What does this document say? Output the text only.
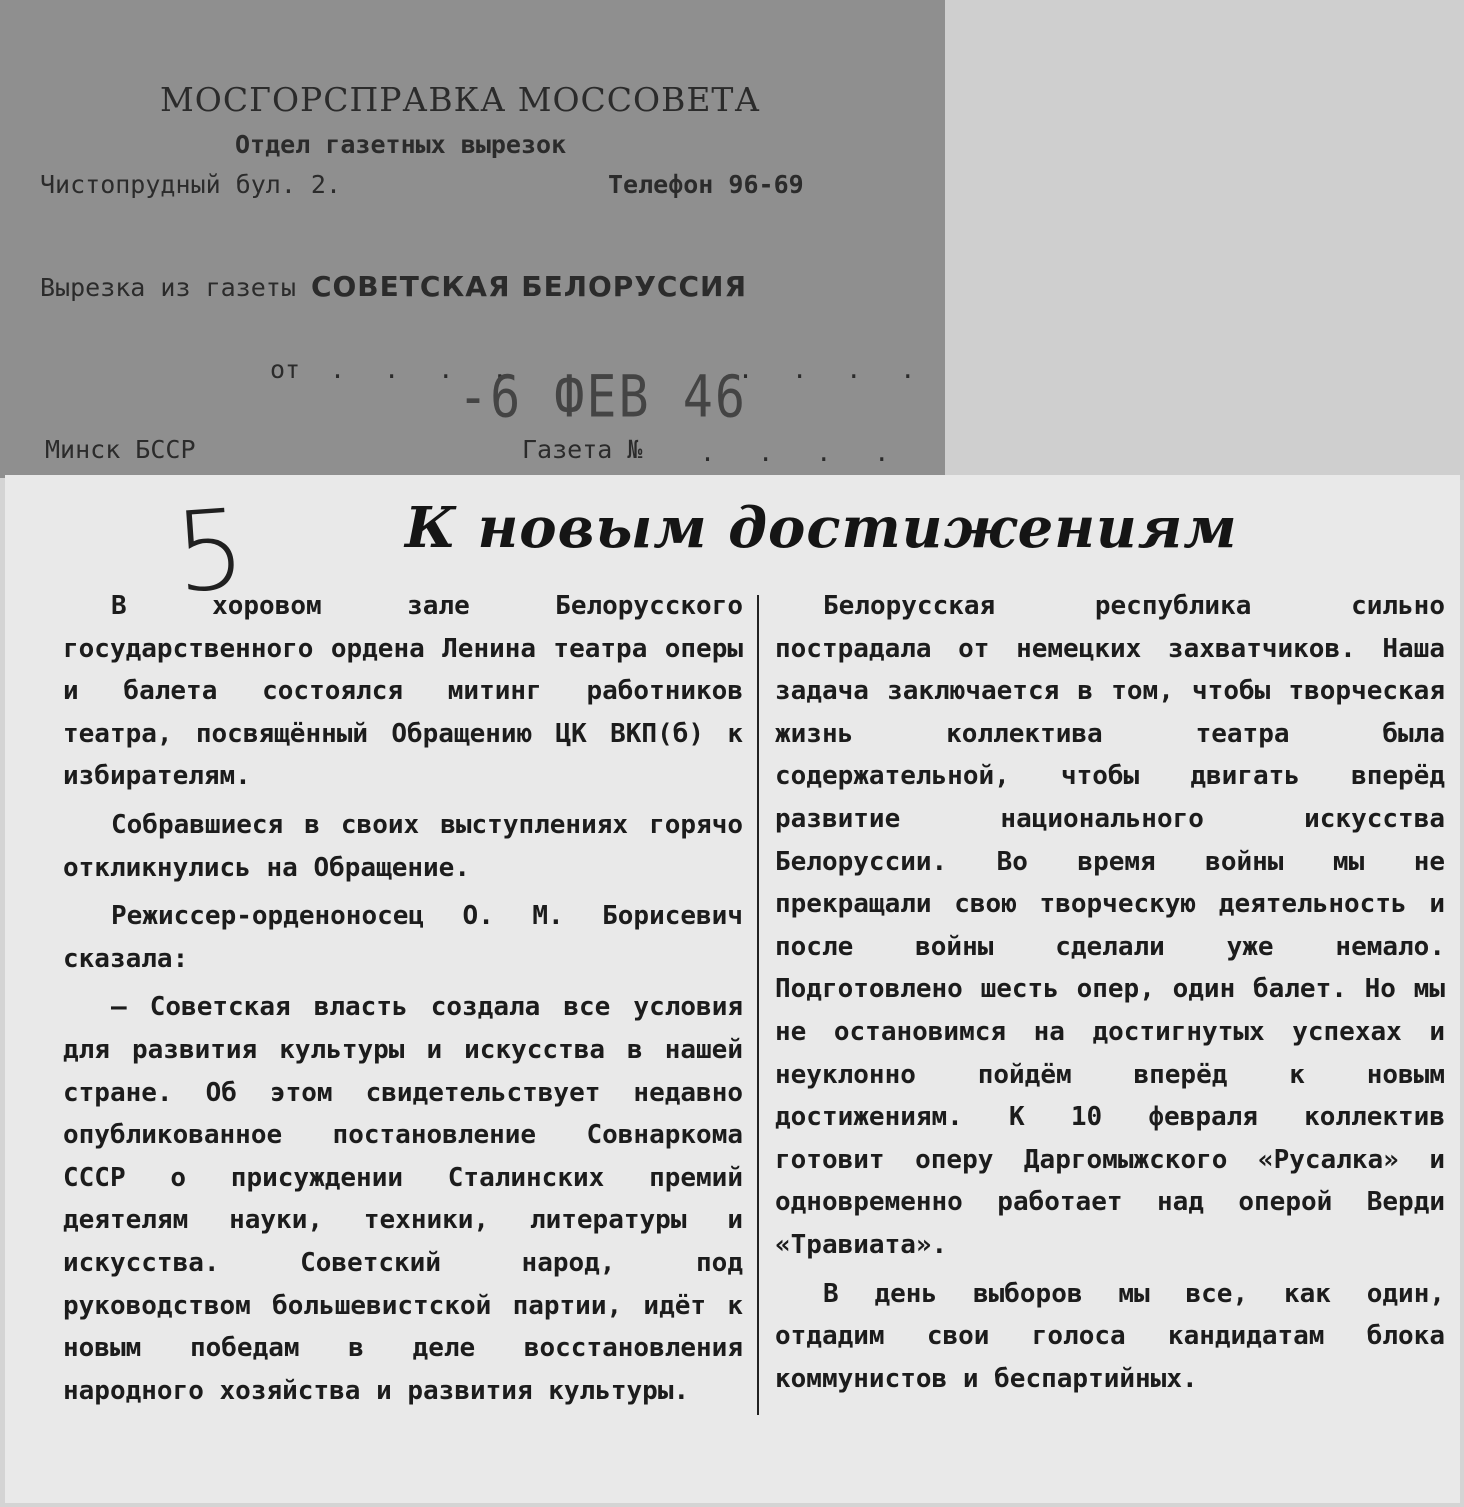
МОСГОРСПРАВКА МОССОВЕТА
Отдел газетных вырезок
Чистопрудный бул. 2.	Телефон 96-69
Вырезка из газеты СОВЕТСКАЯ БЕЛОРУССИЯ
от . . . .
-6 ФЕВ 46
. . . .
Минск БССР	Газета № . . . .
5	К новым достижениям

В хоровом зале Белорусского государственного ордена Ленина театра оперы и балета состоялся митинг работников театра, посвящённый Обращению ЦК ВКП(б) к избирателям.

Собравшиеся в своих выступлениях горячо откликнулись на Обращение.

Режиссер-орденоносец О. М. Борисевич сказала:

— Советская власть создала все условия для развития культуры и искусства в нашей стране. Об этом свидетельствует недавно опубликованное постановление Совнаркома СССР о присуждении Сталинских премий деятелям науки, техники, литературы и искусства. Советский народ, под руководством большевистской партии, идёт к новым победам в деле восстановления народного хозяйства и развития культуры.

Белорусская республика сильно пострадала от немецких захватчиков. Наша задача заключается в том, чтобы творческая жизнь коллектива театра была содержательной, чтобы двигать вперёд развитие национального искусства Белоруссии. Во время войны мы не прекращали свою творческую деятельность и после войны сделали уже немало. Подготовлено шесть опер, один балет. Но мы не остановимся на достигнутых успехах и неуклонно пойдём вперёд к новым достижениям. К 10 февраля коллектив готовит оперу Даргомыжского «Русалка» и одновременно работает над оперой Верди «Травиата».

В день выборов мы все, как один, отдадим свои голоса кандидатам блока коммунистов и беспартийных.
